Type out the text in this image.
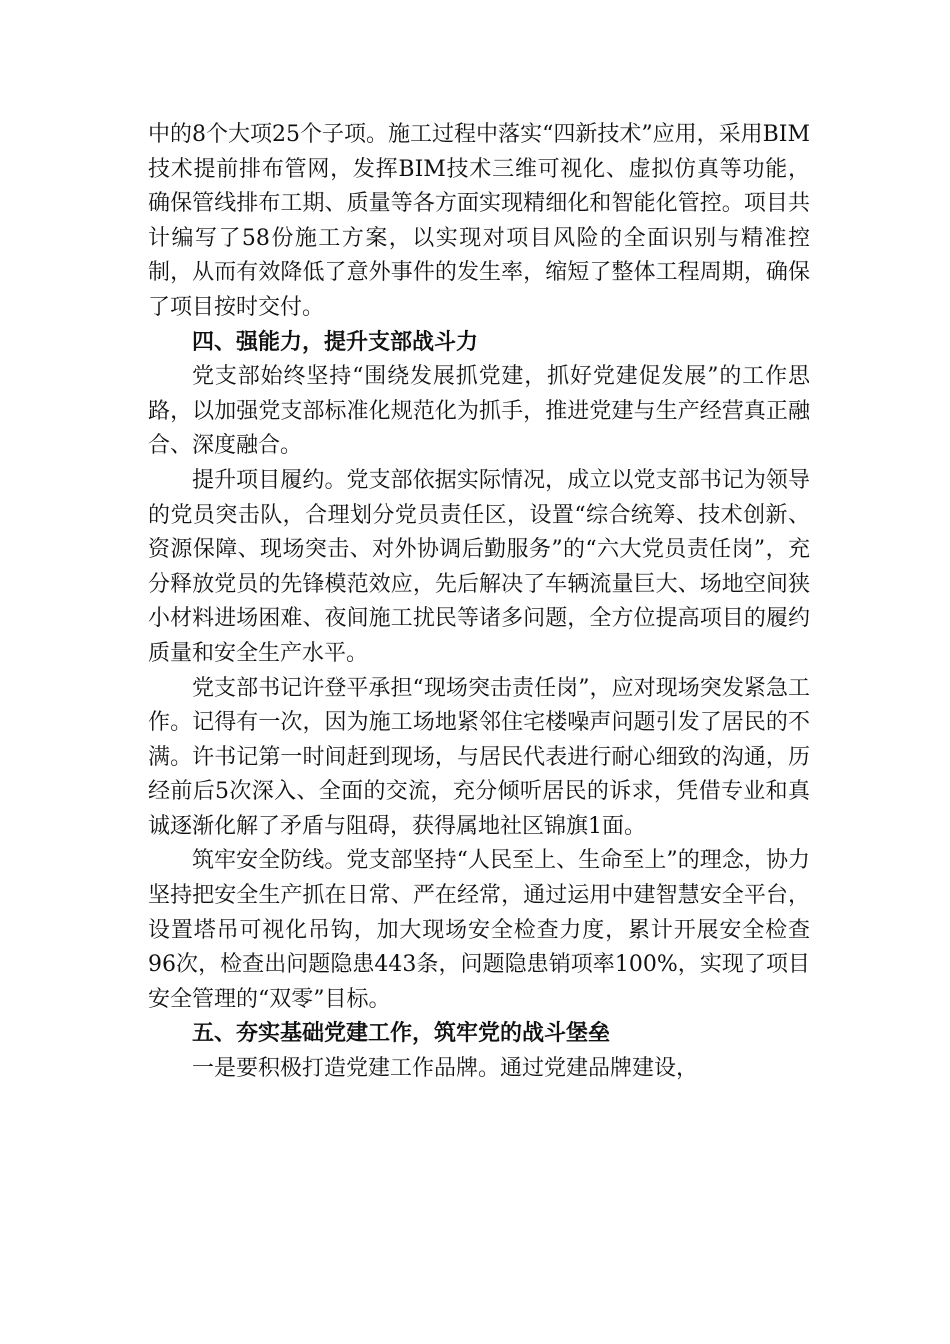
中的8个大项25个子项。施工过程中落实“四新技术”应用，采用BIM技术提前排布管网，发挥BIM技术三维可视化、虚拟仿真等功能，确保管线排布工期、质量等各方面实现精细化和智能化管控。项目共计编写了58份施工方案，以实现对项目风险的全面识别与精准控制，从而有效降低了意外事件的发生率，缩短了整体工程周期，确保了项目按时交付。

四、强能力，提升支部战斗力

党支部始终坚持“围绕发展抓党建，抓好党建促发展”的工作思路，以加强党支部标准化规范化为抓手，推进党建与生产经营真正融合、深度融合。

提升项目履约。党支部依据实际情况，成立以党支部书记为领导的党员突击队，合理划分党员责任区，设置“综合统筹、技术创新、资源保障、现场突击、对外协调后勤服务”的“六大党员责任岗”，充分释放党员的先锋模范效应，先后解决了车辆流量巨大、场地空间狭小材料进场困难、夜间施工扰民等诸多问题，全方位提高项目的履约质量和安全生产水平。

党支部书记许登平承担“现场突击责任岗”，应对现场突发紧急工作。记得有一次，因为施工场地紧邻住宅楼噪声问题引发了居民的不满。许书记第一时间赶到现场，与居民代表进行耐心细致的沟通，历经前后5次深入、全面的交流，充分倾听居民的诉求，凭借专业和真诚逐渐化解了矛盾与阻碍，获得属地社区锦旗1面。

筑牢安全防线。党支部坚持“人民至上、生命至上”的理念，协力坚持把安全生产抓在日常、严在经常，通过运用中建智慧安全平台，设置塔吊可视化吊钩，加大现场安全检查力度，累计开展安全检查96次，检查出问题隐患443条，问题隐患销项率100%，实现了项目安全管理的“双零”目标。

五、夯实基础党建工作，筑牢党的战斗堡垒

一是要积极打造党建工作品牌。通过党建品牌建设，
